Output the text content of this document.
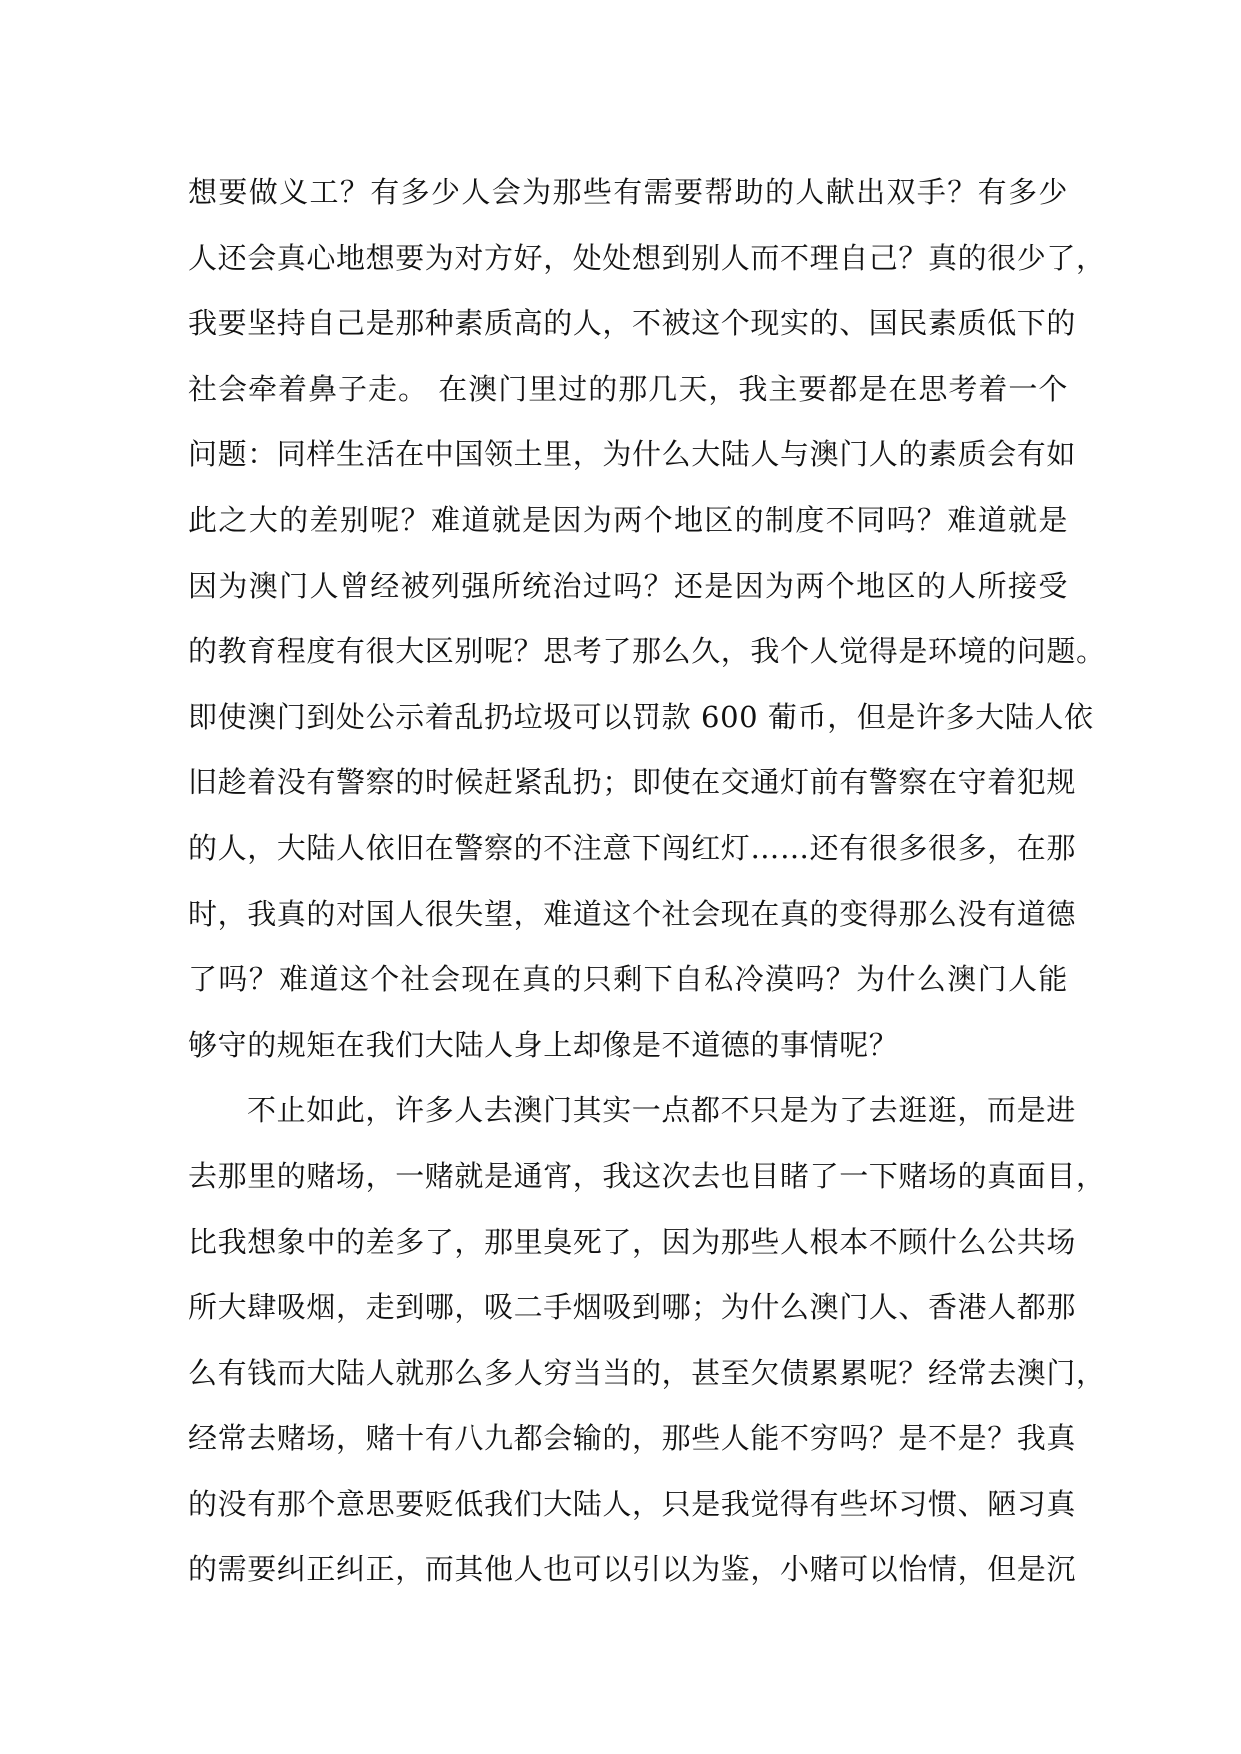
想要做义工？有多少人会为那些有需要帮助的人献出双手？有多少
人还会真心地想要为对方好，处处想到别人而不理自己？真的很少了，
我要坚持自己是那种素质高的人，不被这个现实的、国民素质低下的
社会牵着鼻子走。 在澳门里过的那几天，我主要都是在思考着一个
问题：同样生活在中国领土里，为什么大陆人与澳门人的素质会有如
此之大的差别呢？难道就是因为两个地区的制度不同吗？难道就是
因为澳门人曾经被列强所统治过吗？还是因为两个地区的人所接受
的教育程度有很大区别呢？思考了那么久，我个人觉得是环境的问题。
即使澳门到处公示着乱扔垃圾可以罚款 600 葡币，但是许多大陆人依
旧趁着没有警察的时候赶紧乱扔；即使在交通灯前有警察在守着犯规
的人，大陆人依旧在警察的不注意下闯红灯……还有很多很多，在那
时，我真的对国人很失望，难道这个社会现在真的变得那么没有道德
了吗？难道这个社会现在真的只剩下自私冷漠吗？为什么澳门人能
够守的规矩在我们大陆人身上却像是不道德的事情呢？
不止如此，许多人去澳门其实一点都不只是为了去逛逛，而是进
去那里的赌场，一赌就是通宵，我这次去也目睹了一下赌场的真面目，
比我想象中的差多了，那里臭死了，因为那些人根本不顾什么公共场
所大肆吸烟，走到哪，吸二手烟吸到哪；为什么澳门人、香港人都那
么有钱而大陆人就那么多人穷当当的，甚至欠债累累呢？经常去澳门，
经常去赌场，赌十有八九都会输的，那些人能不穷吗？是不是？我真
的没有那个意思要贬低我们大陆人，只是我觉得有些坏习惯、陋习真
的需要纠正纠正，而其他人也可以引以为鉴，小赌可以怡情，但是沉
